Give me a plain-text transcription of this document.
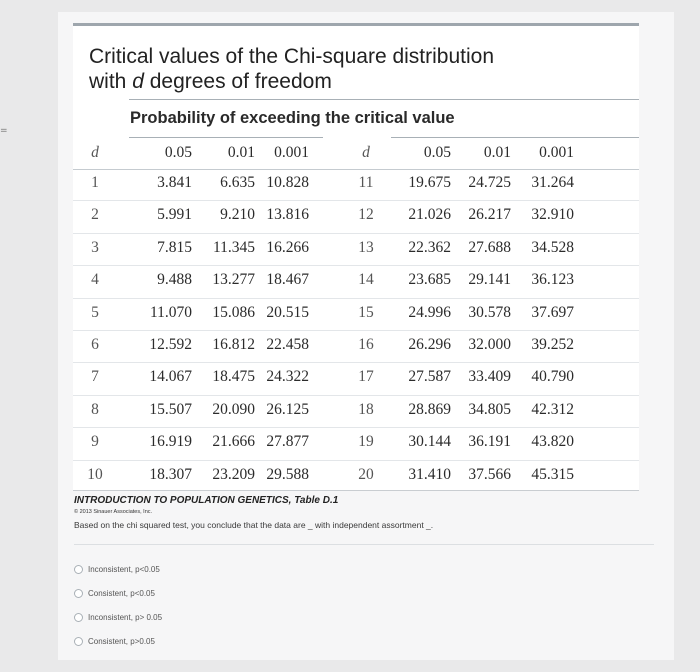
=
Critical values of the Chi-square distribution
with d degrees of freedom
Probability of exceeding the critical value
d	0.05	0.01	0.001	d	0.05	0.01	0.001
1	3.841	6.635 10.828	11	19.675	24.725	31.264
2	5.991	9.210 13.816	12	21.026	26.217	32.910
3	7.815	11.345 16.266	13	22.362	27.688	34.528
4	9.488	13.277 18.467	14	23.685	29.141	36.123
5	11.070	15.086 20.515	15	24.996	30.578	37.697
6	12.592	16.812 22.458	16	26.296	32.000	39.252
7	14.067	18.475 24.322	17	27.587	33.409	40.790
8	15.507	20.090 26.125	18	28.869	34.805	42.312
9	16.919	21.666 27.877	19	30.144	36.191	43.820
10	18.307	23.209 29.588	20	31.410	37.566	45.315

INTRODUCTION TO POPULATION GENETICS, Table D.1

© 2013 Sinauer Associates, Inc.

Based on the chi squared test, you conclude that the data are _ with independent assortment _.

Inconsistent, p<0.05
Consistent, p<0.05
Inconsistent, p> 0.05
Consistent, p>0.05
